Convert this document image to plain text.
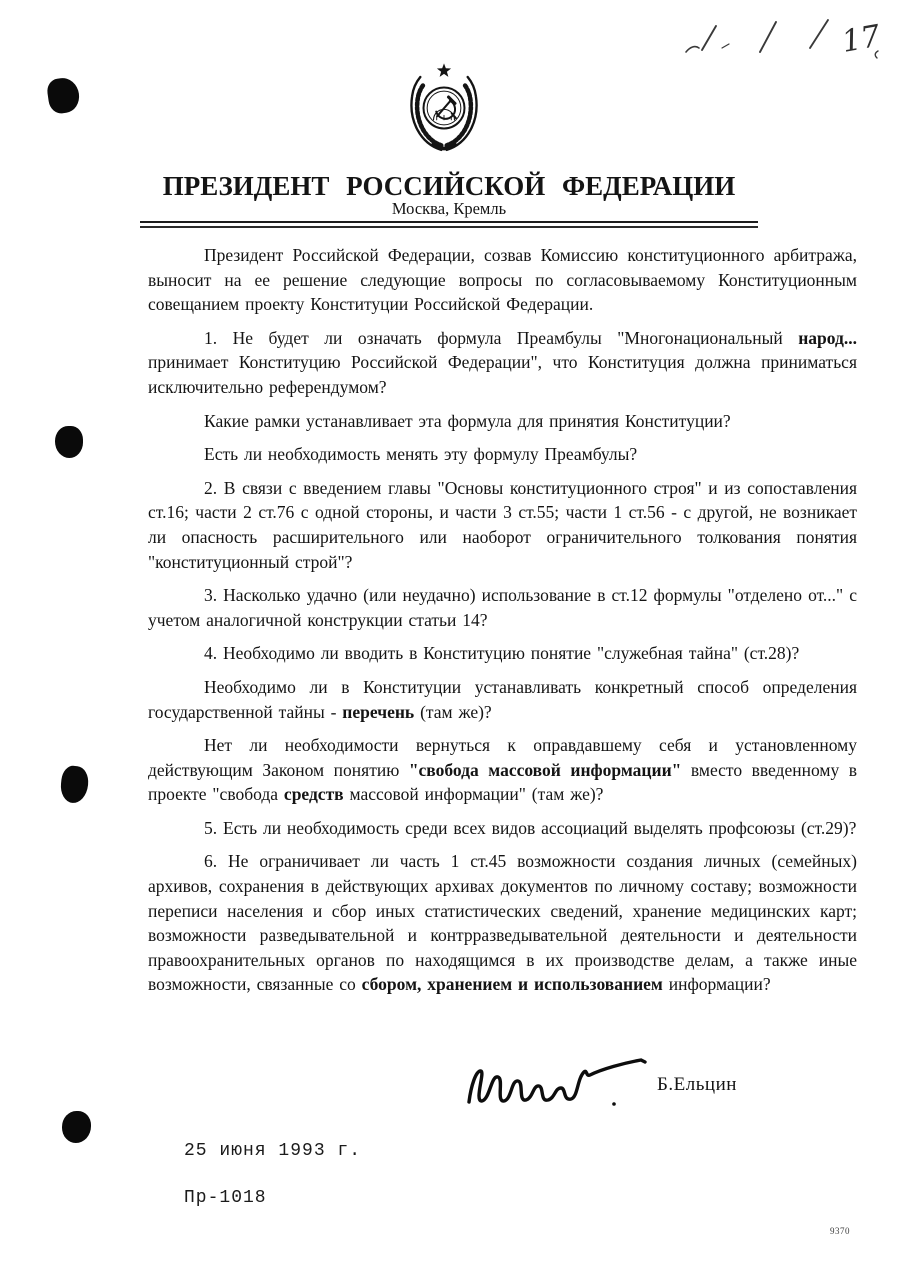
17
ПРЕЗИДЕНТ РОССИЙСКОЙ ФЕДЕРАЦИИ
Москва, Кремль

Президент Российской Федерации, созвав Комиссию конституционного арбитража, выносит на ее решение следующие вопросы по согласовываемому Конституционным совещанием проекту Конституции Российской Федерации.

1. Не будет ли означать формула Преамбулы "Многонациональный народ... принимает Конституцию Российской Федерации", что Конституция должна приниматься исключительно референдумом?

Какие рамки устанавливает эта формула для принятия Конституции?

Есть ли необходимость менять эту формулу Преамбулы?

2. В связи с введением главы "Основы конституционного строя" и из сопоставления ст.16; части 2 ст.76 с одной стороны, и части 3 ст.55; части 1 ст.56 - с другой, не возникает ли опасность расширительного или наоборот ограничительного толкования понятия "конституционный строй"?

3. Насколько удачно (или неудачно) использование в ст.12 формулы "отделено от..." с учетом аналогичной конструкции статьи 14?

4. Необходимо ли вводить в Конституцию понятие "служебная тайна" (ст.28)?

Необходимо ли в Конституции устанавливать конкретный способ определения государственной тайны - перечень (там же)?

Нет ли необходимости вернуться к оправдавшему себя и установленному действующим Законом понятию "свобода массовой информации" вместо введенному в проекте "свобода средств массовой информации" (там же)?

5. Есть ли необходимость среди всех видов ассоциаций выделять профсоюзы (ст.29)?

6. Не ограничивает ли часть 1 ст.45 возможности создания личных (семейных) архивов, сохранения в действующих архивах документов по личному составу; возможности переписи населения и сбор иных статистических сведений, хранение медицинских карт; возможности разведывательной и контрразведывательной деятельности и деятельности правоохранительных органов по находящимся в их производстве делам, а также иные возможности, связанные со сбором, хранением и использованием информации?

Б.Ельцин
25 июня 1993 г.
Пр-1018
9370
